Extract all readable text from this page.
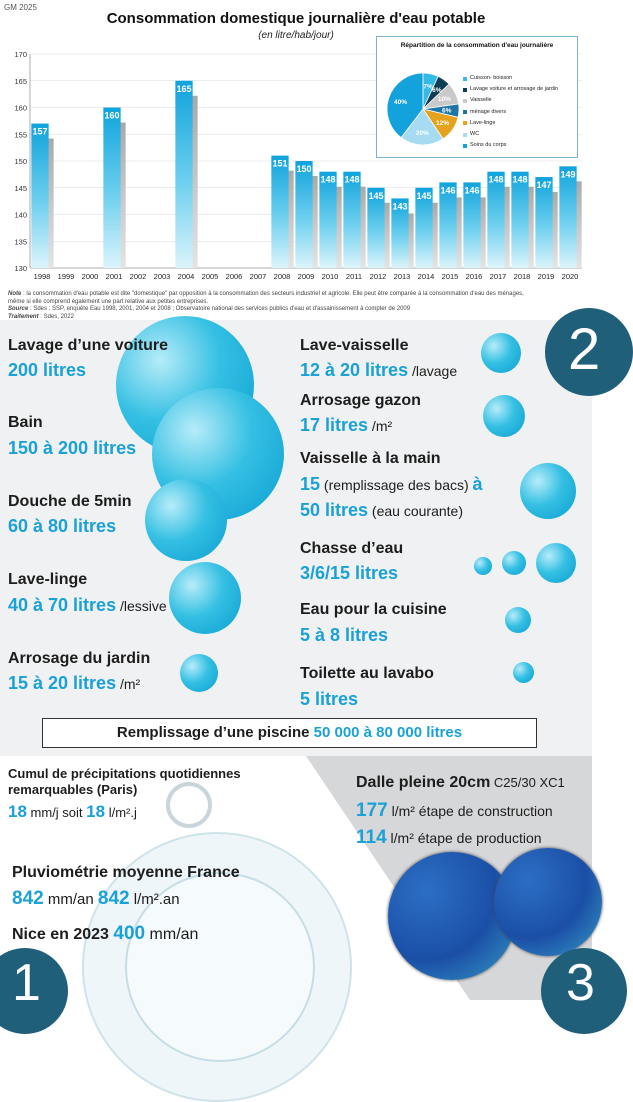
GM 2025
Consommation domestique journalière d'eau potable
(en litre/hab/jour)
130
135
140
145
150
155
160
165
170
1998
157
1999 2000 2001
160
2002 2003 2004
165
2005 2006 2007 2008
151
2009
150
2010
148
2011
148
2012
145
2013
143
2014
145
2015
146
2016
146
2017
148
2018
148
2019
147
2020
149
Répartition de la consommation d'eau journalière
7%
6%
10%
6%
12%
20%
40%
Cuisson- boisson
Lavage voiture et arrosage de jardin
Vaisselle
ménage divers
Lave-linge
WC
Soins du corps
Note : la consommation d'eau potable est dite "domestique" par opposition à la consommation des secteurs industriel et agricole. Elle peut être comparée à la consommation d'eau des ménages,
même si elle comprend également une part relative aux petites entreprises.
Source : Sdes ; SSP, enquête Eau 1998, 2001, 2004 et 2008 ; Observatoire national des services publics d'eau et d'assainissement à compter de 2009
Traitement : Sdes, 2022
2
Lavage d’une voiture
200 litres
Bain
150 à 200 litres
Douche de 5min
60 à 80 litres
Lave-linge
40 à 70 litres /lessive
Arrosage du jardin
15 à 20 litres /m²
Lave-vaisselle
12 à 20 litres /lavage
Arrosage gazon
17 litres /m²
Vaisselle à la main
15 (remplissage des bacs) à
50 litres (eau courante)
Chasse d’eau
3/6/15 litres
Eau pour la cuisine
5 à 8 litres
Toilette au lavabo
5 litres
Remplissage d’une piscine 50 000 à 80 000 litres
1
Cumul de précipitations quotidiennes
remarquables (Paris)
18 mm/j soit 18 l/m².j
Pluviométrie moyenne France
842 mm/an 842 l/m².an
Nice en 2023 400 mm/an
3
Dalle pleine 20cm C25/30 XC1
177 l/m² étape de construction
114 l/m² étape de production
